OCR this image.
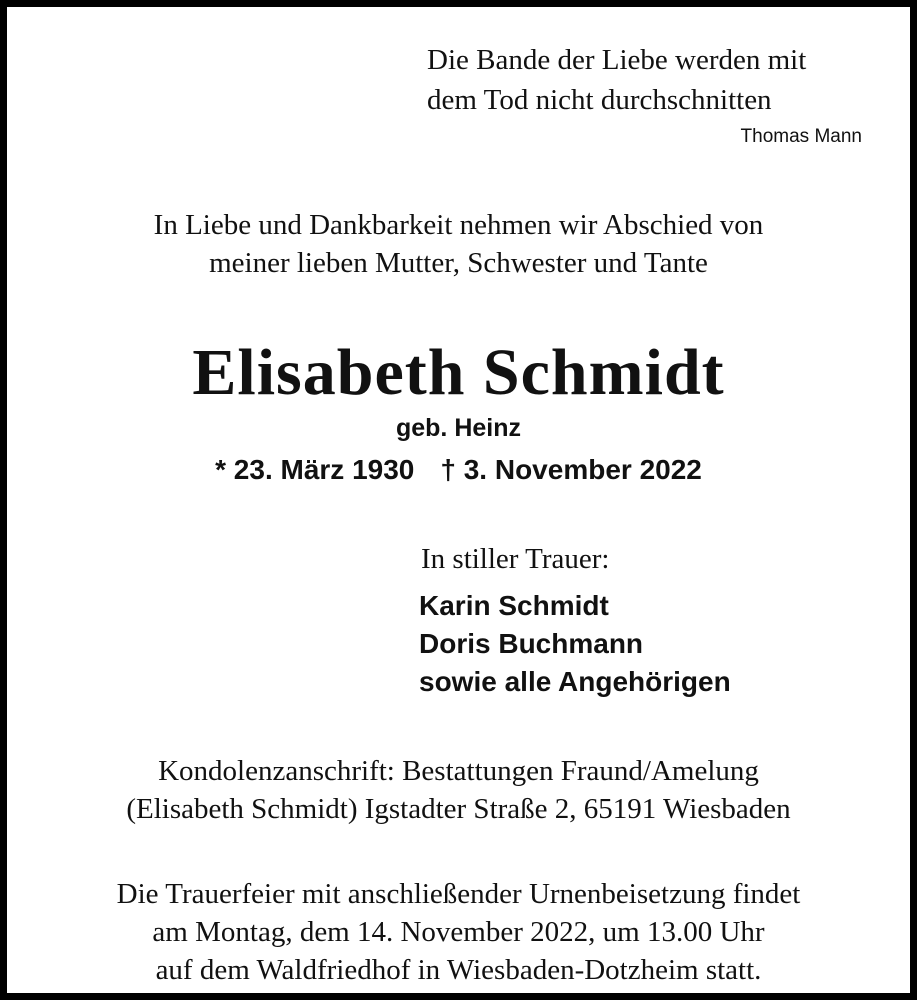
Die Bande der Liebe werden mit
dem Tod nicht durchschnitten
Thomas Mann
In Liebe und Dankbarkeit nehmen wir Abschied von
meiner lieben Mutter, Schwester und Tante
Elisabeth Schmidt
geb. Heinz
* 23. März 1930 † 3. November 2022
In stiller Trauer:
Karin Schmidt
Doris Buchmann
sowie alle Angehörigen
Kondolenzanschrift: Bestattungen Fraund/Amelung
(Elisabeth Schmidt) Igstadter Straße 2, 65191 Wiesbaden
Die Trauerfeier mit anschließender Urnenbeisetzung findet
am Montag, dem 14. November 2022, um 13.00 Uhr
auf dem Waldfriedhof in Wiesbaden-Dotzheim statt.
